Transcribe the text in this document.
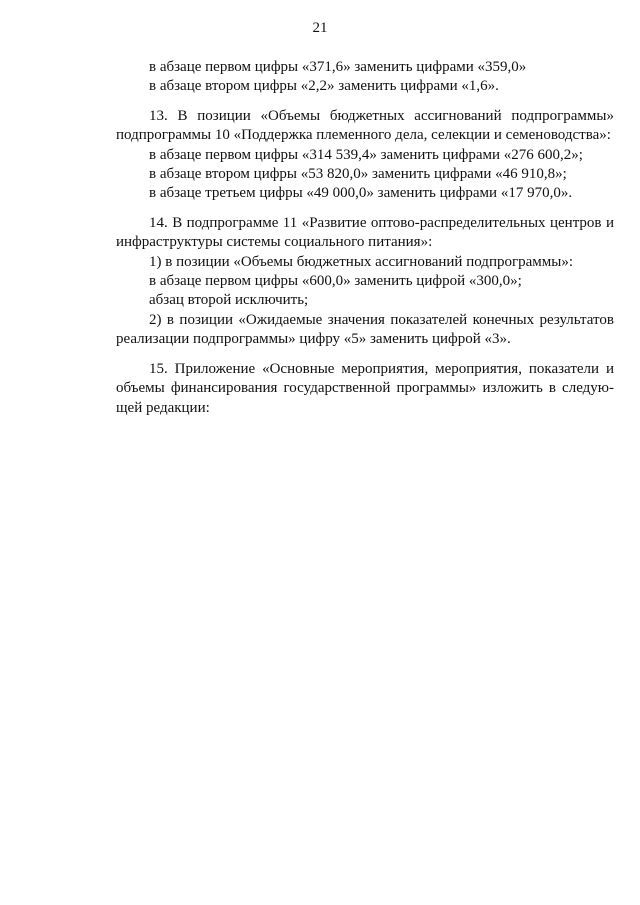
21
в абзаце первом цифры «371,6» заменить цифрами «359,0»
в абзаце втором цифры «2,2» заменить цифрами «1,6».
13. В позиции «Объемы бюджетных ассигнований подпрограммы»
подпрограммы 10 «Поддержка племенного дела, селекции и семеноводства»:
в абзаце первом цифры «314 539,4» заменить цифрами «276 600,2»;
в абзаце втором цифры «53 820,0» заменить цифрами «46 910,8»;
в абзаце третьем цифры «49 000,0» заменить цифрами «17 970,0».
14. В подпрограмме 11 «Развитие оптово-распределительных центров и
инфраструктуры системы социального питания»:
1) в позиции «Объемы бюджетных ассигнований подпрограммы»:
в абзаце первом цифры «600,0» заменить цифрой «300,0»;
абзац второй исключить;
2) в позиции «Ожидаемые значения показателей конечных результатов
реализации подпрограммы» цифру «5» заменить цифрой «3».
15. Приложение «Основные мероприятия, мероприятия, показатели и
объемы финансирования государственной программы» изложить в следую-
щей редакции:
